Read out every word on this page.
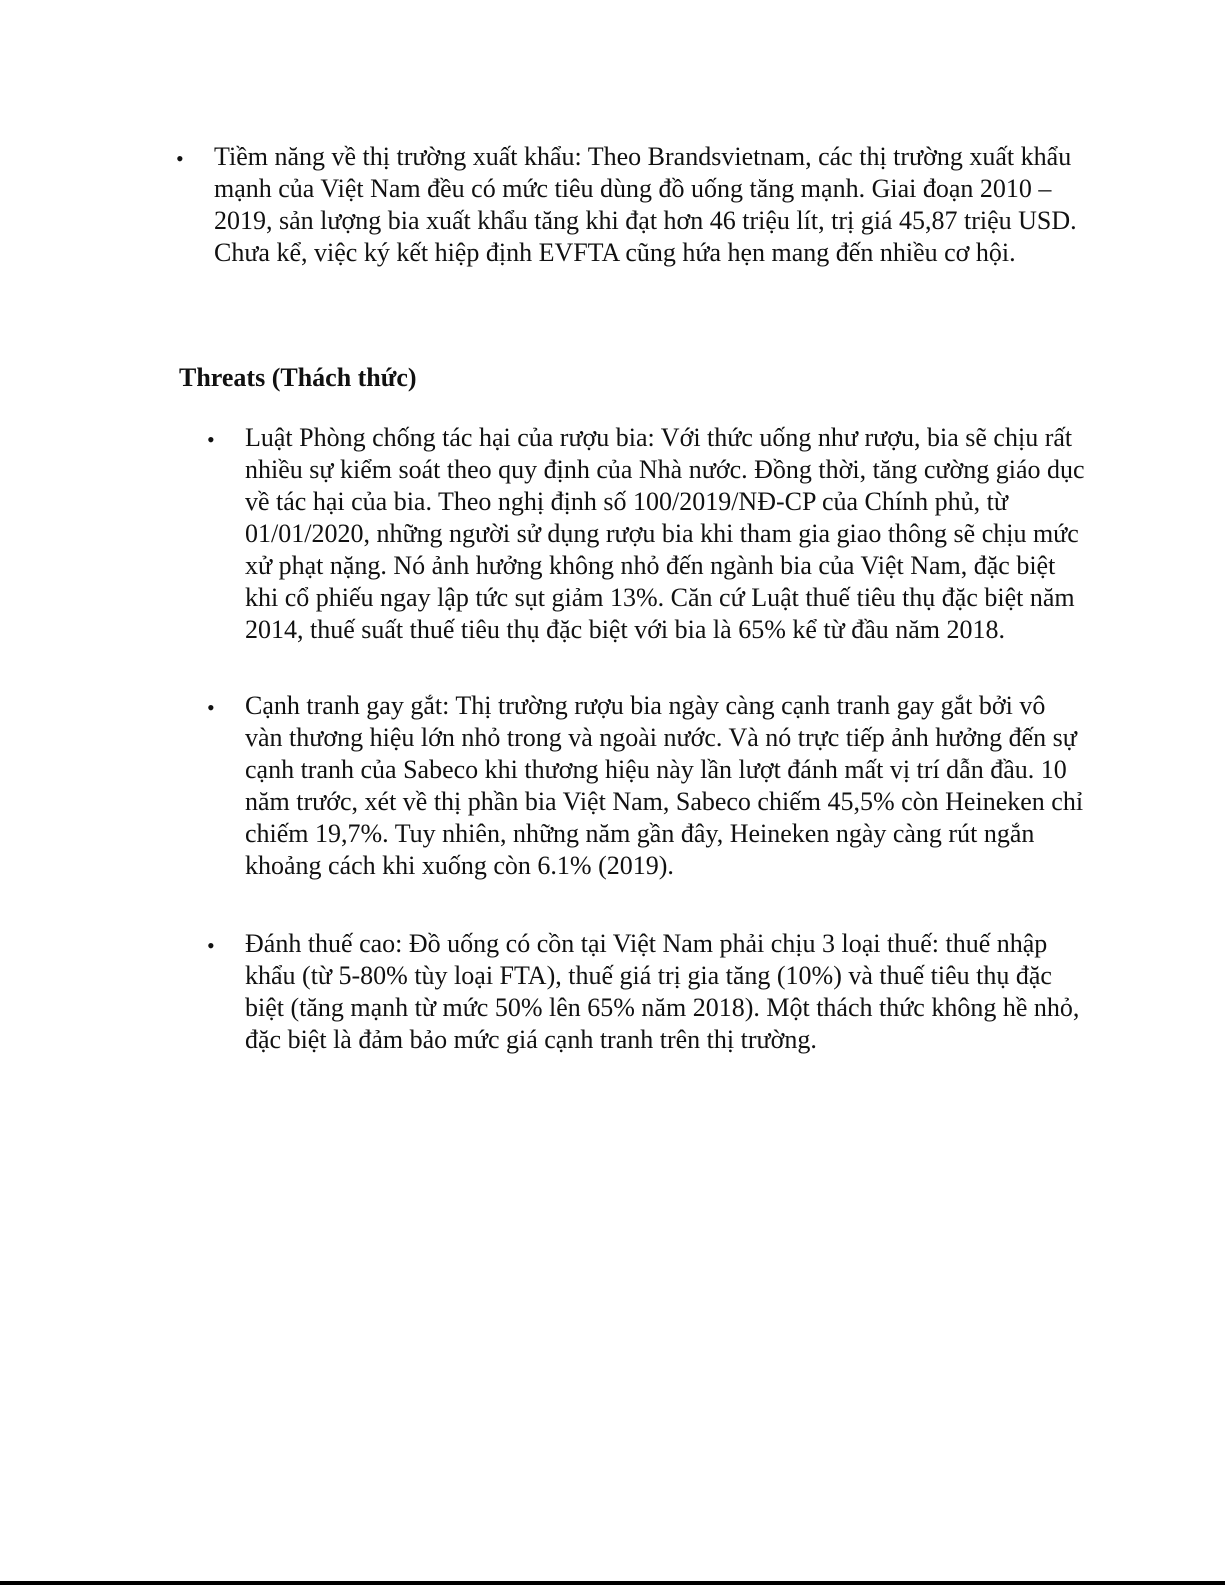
• Tiềm năng về thị trường xuất khẩu: Theo Brandsvietnam, các thị trường xuất khẩu mạnh của Việt Nam đều có mức tiêu dùng đồ uống tăng mạnh. Giai đoạn 2010 – 2019, sản lượng bia xuất khẩu tăng khi đạt hơn 46 triệu lít, trị giá 45,87 triệu USD. Chưa kể, việc ký kết hiệp định EVFTA cũng hứa hẹn mang đến nhiều cơ hội.

Threats (Thách thức)
• Luật Phòng chống tác hại của rượu bia: Với thức uống như rượu, bia sẽ chịu rất nhiều sự kiểm soát theo quy định của Nhà nước. Đồng thời, tăng cường giáo dục về tác hại của bia. Theo nghị định số 100/2019/NĐ-CP của Chính phủ, từ 01/01/2020, những người sử dụng rượu bia khi tham gia giao thông sẽ chịu mức xử phạt nặng. Nó ảnh hưởng không nhỏ đến ngành bia của Việt Nam, đặc biệt khi cổ phiếu ngay lập tức sụt giảm 13%. Căn cứ Luật thuế tiêu thụ đặc biệt năm 2014, thuế suất thuế tiêu thụ đặc biệt với bia là 65% kể từ đầu năm 2018.

• Cạnh tranh gay gắt: Thị trường rượu bia ngày càng cạnh tranh gay gắt bởi vô vàn thương hiệu lớn nhỏ trong và ngoài nước. Và nó trực tiếp ảnh hưởng đến sự cạnh tranh của Sabeco khi thương hiệu này lần lượt đánh mất vị trí dẫn đầu. 10 năm trước, xét về thị phần bia Việt Nam, Sabeco chiếm 45,5% còn Heineken chỉ chiếm 19,7%. Tuy nhiên, những năm gần đây, Heineken ngày càng rút ngắn khoảng cách khi xuống còn 6.1% (2019).

• Đánh thuế cao: Đồ uống có cồn tại Việt Nam phải chịu 3 loại thuế: thuế nhập khẩu (từ 5-80% tùy loại FTA), thuế giá trị gia tăng (10%) và thuế tiêu thụ đặc biệt (tăng mạnh từ mức 50% lên 65% năm 2018). Một thách thức không hề nhỏ, đặc biệt là đảm bảo mức giá cạnh tranh trên thị trường.
